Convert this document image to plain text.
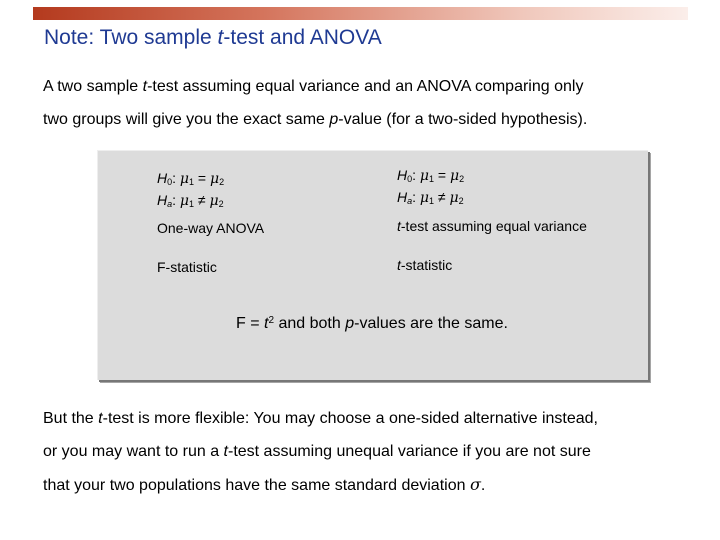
Note: Two sample t-test and ANOVA
A two sample t-test assuming equal variance and an ANOVA comparing only
two groups will give you the exact same p-value (for a two-sided hypothesis).
$H_0$: $\mu_1 = \mu_2$
$H_a$: $\mu_1 \ne \mu_2$
$H_0$: $\mu_1 = \mu_2$
$H_a$: $\mu_1 \ne \mu_2$
One-way ANOVA	t-test assuming equal variance
F-statistic	t-statistic
$F = t^2$ and both p-values are the same.
But the t-test is more flexible: You may choose a one-sided alternative instead,
or you may want to run a t-test assuming unequal variance if you are not sure
that your two populations have the same standard deviation σ.
